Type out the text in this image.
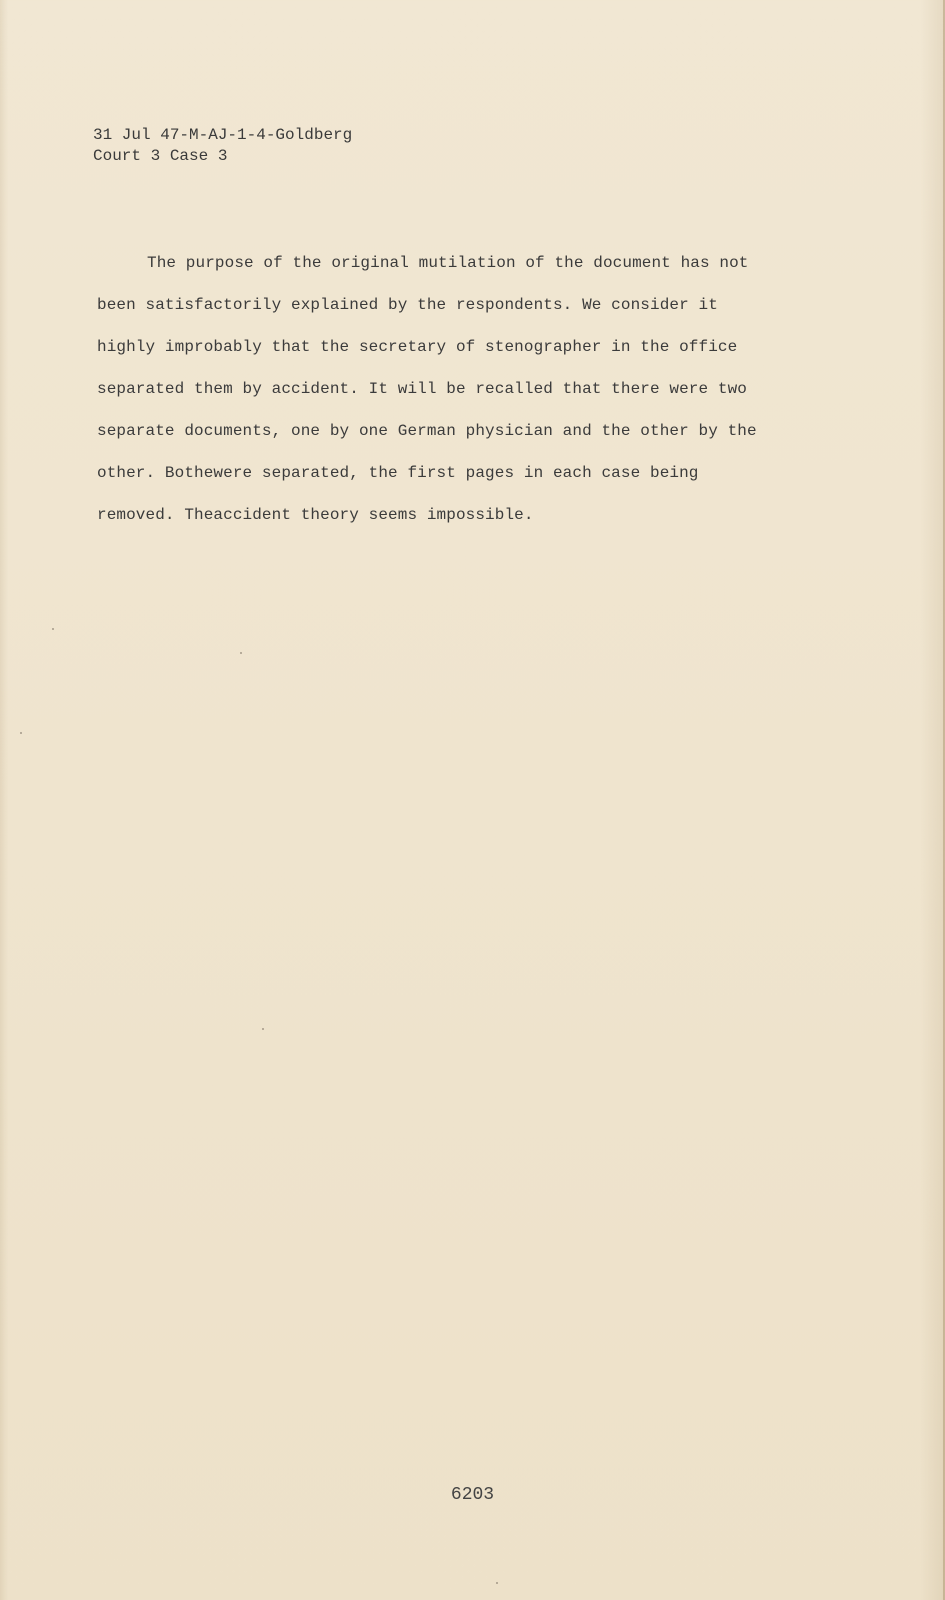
31 Jul 47-M-AJ-1-4-Goldberg
Court 3 Case 3
The purpose of the original mutilation of the document has not
been satisfactorily explained by the respondents. We consider it
highly improbably that the secretary of stenographer in the office
separated them by accident. It will be recalled that there were two
separate documents, one by one German physician and the other by the
other. Bothewere separated, the first pages in each case being
removed. Theaccident theory seems impossible.
6203
